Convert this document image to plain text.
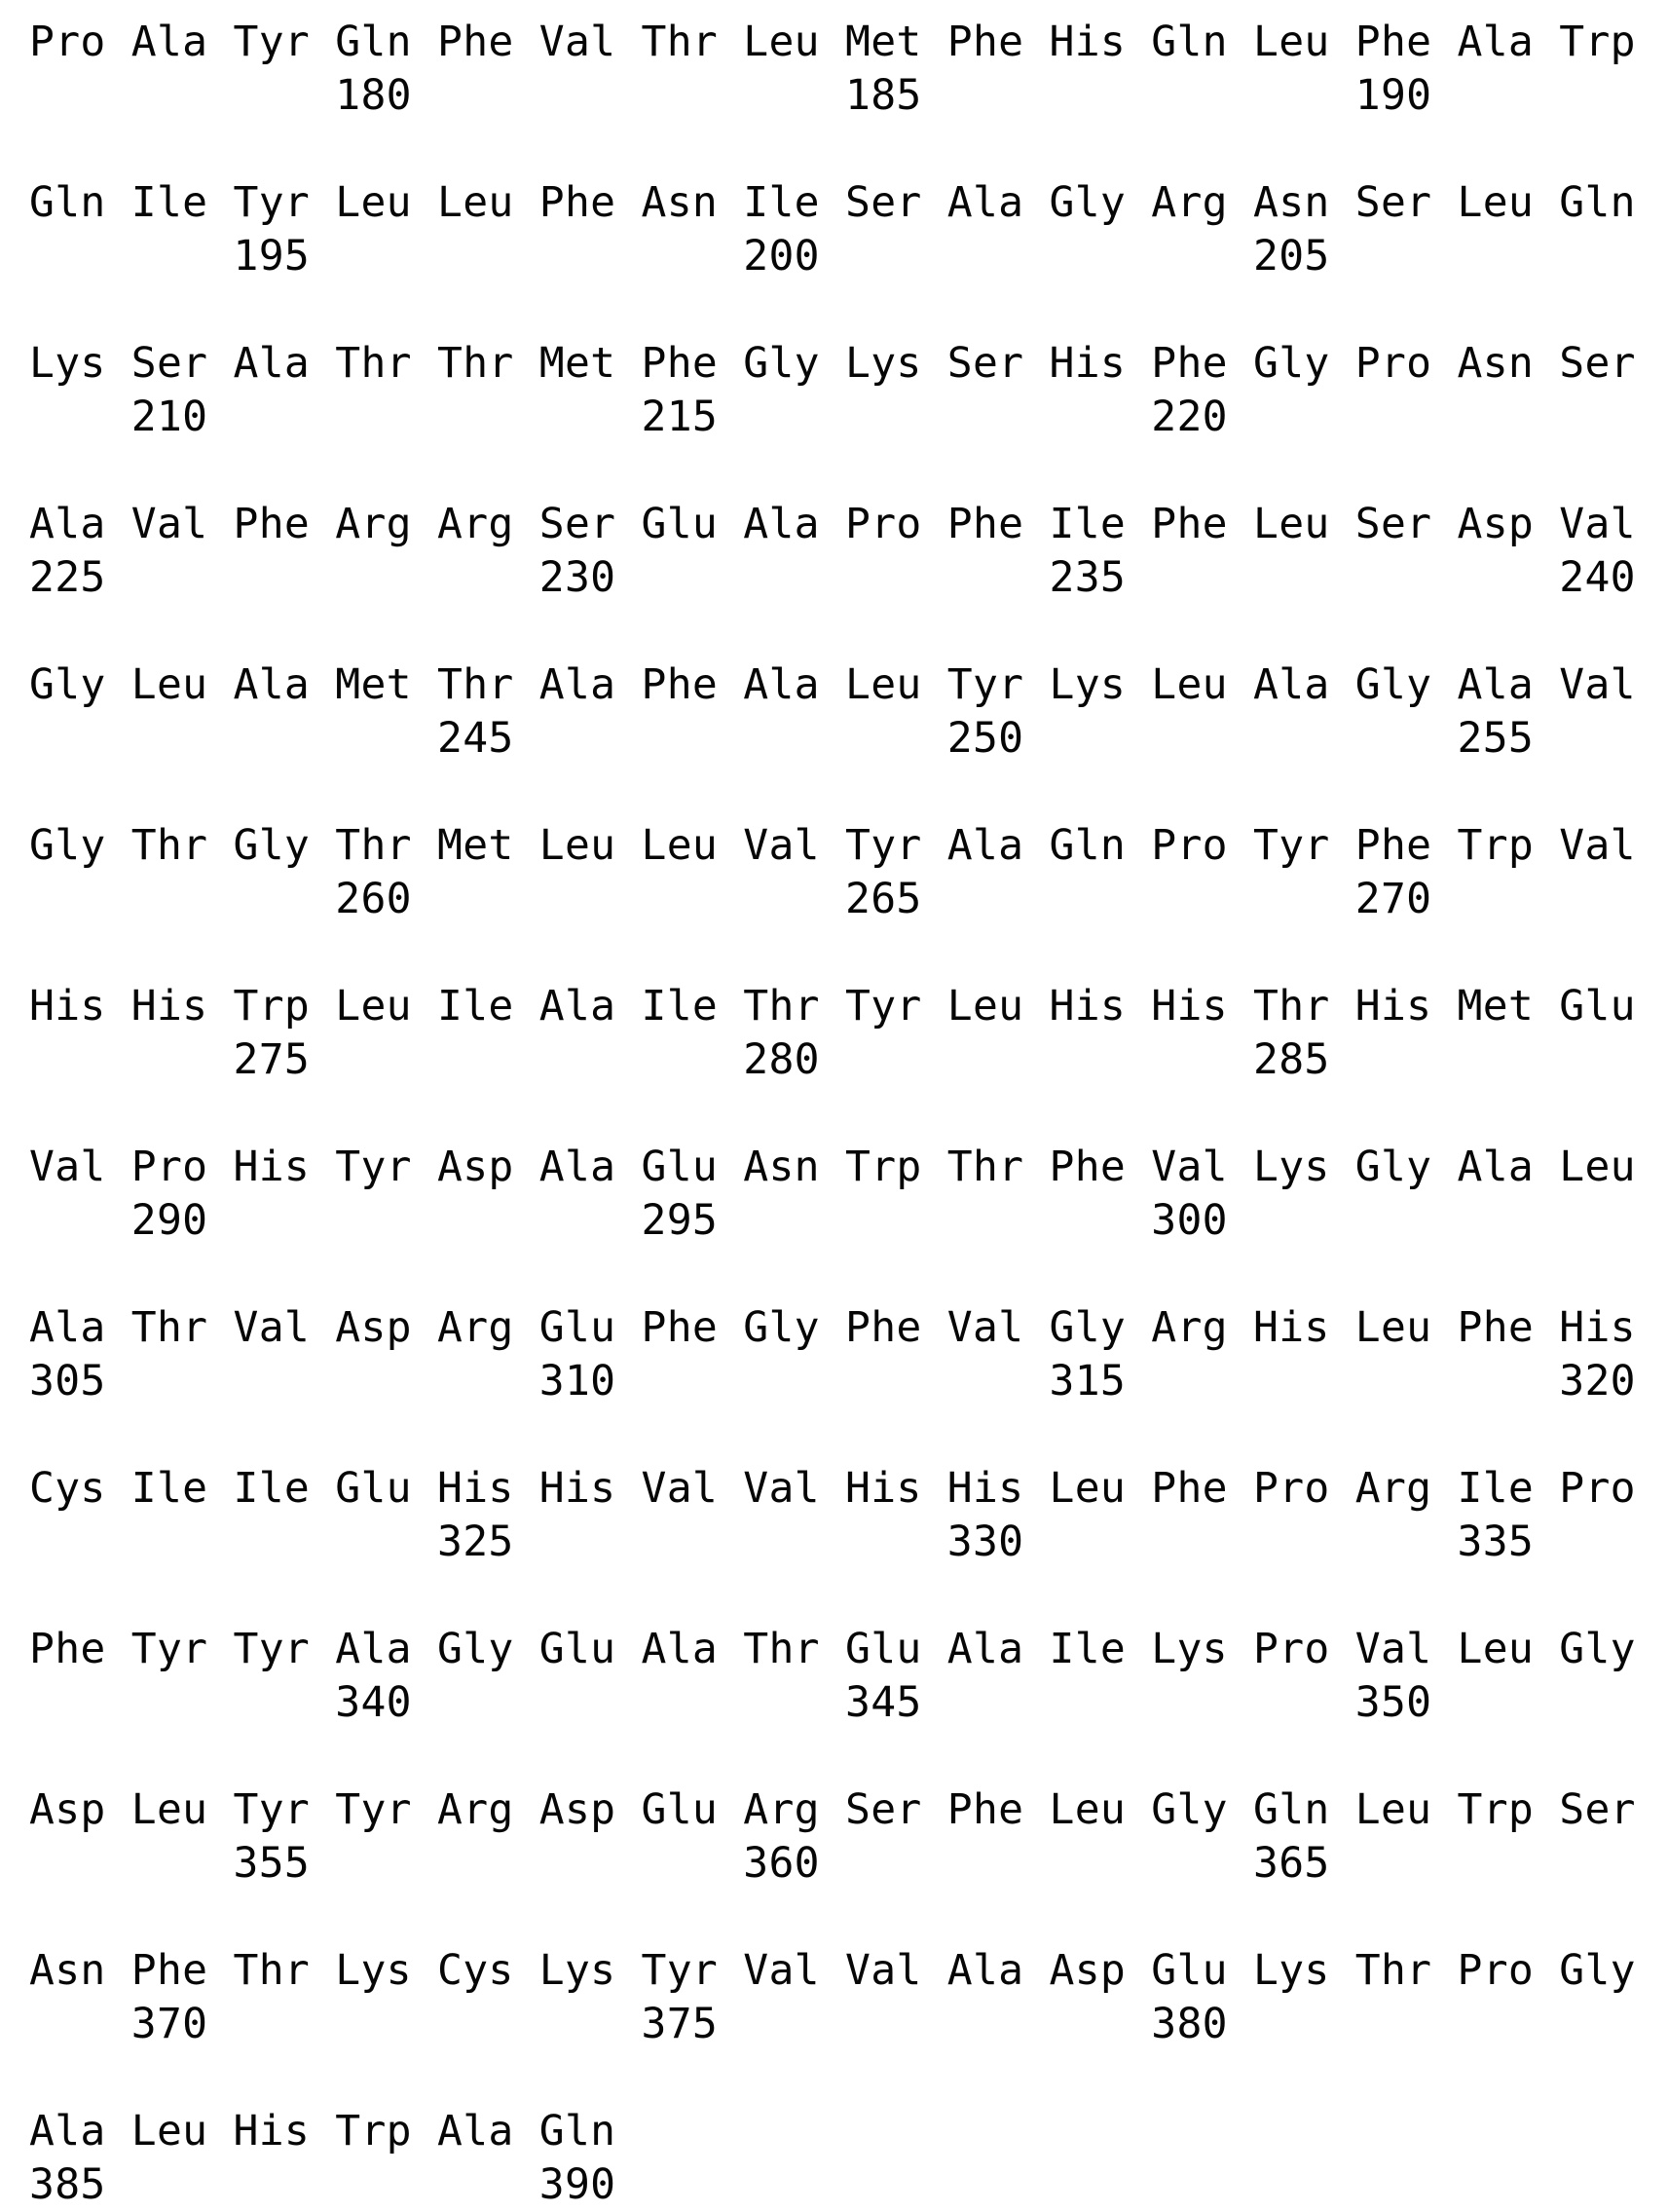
Pro Ala Tyr Gln Phe Val Thr Leu Met Phe His Gln Leu Phe Ala Trp
180                 185                 190
Gln Ile Tyr Leu Leu Phe Asn Ile Ser Ala Gly Arg Asn Ser Leu Gln
195                 200                 205
Lys Ser Ala Thr Thr Met Phe Gly Lys Ser His Phe Gly Pro Asn Ser
210                 215                 220
Ala Val Phe Arg Arg Ser Glu Ala Pro Phe Ile Phe Leu Ser Asp Val
225                 230                 235                 240
Gly Leu Ala Met Thr Ala Phe Ala Leu Tyr Lys Leu Ala Gly Ala Val
245                 250                 255
Gly Thr Gly Thr Met Leu Leu Val Tyr Ala Gln Pro Tyr Phe Trp Val
260                 265                 270
His His Trp Leu Ile Ala Ile Thr Tyr Leu His His Thr His Met Glu
275                 280                 285
Val Pro His Tyr Asp Ala Glu Asn Trp Thr Phe Val Lys Gly Ala Leu
290                 295                 300
Ala Thr Val Asp Arg Glu Phe Gly Phe Val Gly Arg His Leu Phe His
305                 310                 315                 320
Cys Ile Ile Glu His His Val Val His His Leu Phe Pro Arg Ile Pro
325                 330                 335
Phe Tyr Tyr Ala Gly Glu Ala Thr Glu Ala Ile Lys Pro Val Leu Gly
340                 345                 350
Asp Leu Tyr Tyr Arg Asp Glu Arg Ser Phe Leu Gly Gln Leu Trp Ser
355                 360                 365
Asn Phe Thr Lys Cys Lys Tyr Val Val Ala Asp Glu Lys Thr Pro Gly
370                 375                 380
Ala Leu His Trp Ala Gln
385                 390
